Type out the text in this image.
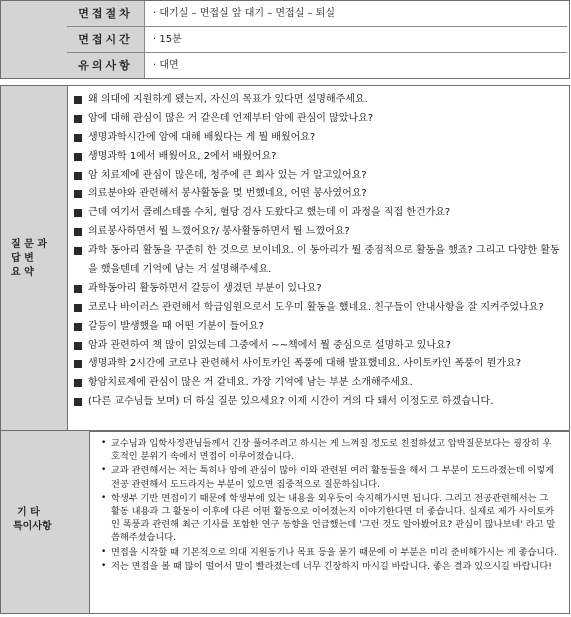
면접절차	· 대기실 – 면접실 앞 대기 – 면접실 – 퇴실
면접시간	· 15분
유의사항	· 대면
질 문 과
답 변
요 약
왜 의대에 지원하게 됐는지, 자신의 목표가 있다면 설명해주세요.
암에 대해 관심이 많은 거 같은데 언제부터 암에 관심이 많았나요?
생명과학시간에 암에 대해 배웠다는 게 뭘 배웠어요?
생명과학 1에서 배웠어요, 2에서 배웠어요?
암 치료제에 관심이 많은데, 청주에 큰 회사 있는 거 알고있어요?
의료분야와 관련해서 봉사활동을 몇 번했네요, 어떤 봉사였어요?
근데 여기서 콜레스테롤 수치, 혈당 검사 도왔다고 했는데 이 과정을 직접 한건가요?
의료봉사하면서 뭘 느꼈어요?/ 봉사활동하면서 뭘 느꼈어요?
과학 동아리 활동을 꾸준히 한 것으로 보이네요. 이 동아리가 뭘 중점적으로 활동을 했죠? 그리고 다양한 활동을 했을텐데 기억에 남는 거 설명해주세요.
과학동아리 활동하면서 갈등이 생겼던 부분이 있나요?
코로나 바이러스 관련해서 학급임원으로서 도우미 활동을 했네요. 친구들이 안내사항을 잘 지켜주었나요?
갈등이 발생했을 때 어떤 기분이 들어요?
암과 관련하여 책 많이 읽었는데 그중에서 ~~책에서 뭘 중심으로 설명하고 있나요?
생명과학 2시간에 코로나 관련해서 사이토카인 폭풍에 대해 발표했네요. 사이토카인 폭풍이 뭔가요?
항암치료제에 관심이 많은 거 같네요. 가장 기억에 남는 부분 소개해주세요.
(다른 교수님들 보며) 더 하실 질문 있으세요? 이제 시간이 거의 다 돼서 이정도로 하겠습니다.
기 타
특이사항
• 교수님과 입학사정관님들께서 긴장 풀어주려고 하시는 게 느껴질 정도로 친절하셨고 압박질문보다는 굉장히 우호적인 분위기 속에서 면접이 이루어졌습니다.
• 교과 관련해서는 저는 특히나 암에 관심이 많아 이와 관련된 여러 활동들을 해서 그 부분이 도드라졌는데 이렇게 전공 관련해서 도드라지는 부분이 있으면 집중적으로 질문하십니다.
• 학생부 기반 면접이기 때문에 학생부에 있는 내용을 외우듯이 숙지해가시면 됩니다. 그리고 전공관련해서는 그 활동 내용과 그 활동이 이후에 다른 어떤 활동으로 이어졌는지 이야기한다면 더 좋습니다. 실제로 제가 사이토카인 폭풍과 관련해 최근 기사를 포함한 연구 동향을 언급했는데 '그런 것도 알아봤어요? 관심이 많나보네' 라고 말씀해주셨습니다.
• 면접을 시작할 때 기본적으로 의대 지원동기나 목표 등을 묻기 때문에 이 부분은 미리 준비해가시는 게 좋습니다.
• 저는 면접을 볼 때 많이 떨어서 말이 빨라졌는데 너무 긴장하지 마시길 바랍니다. 좋은 결과 있으시길 바랍니다!
